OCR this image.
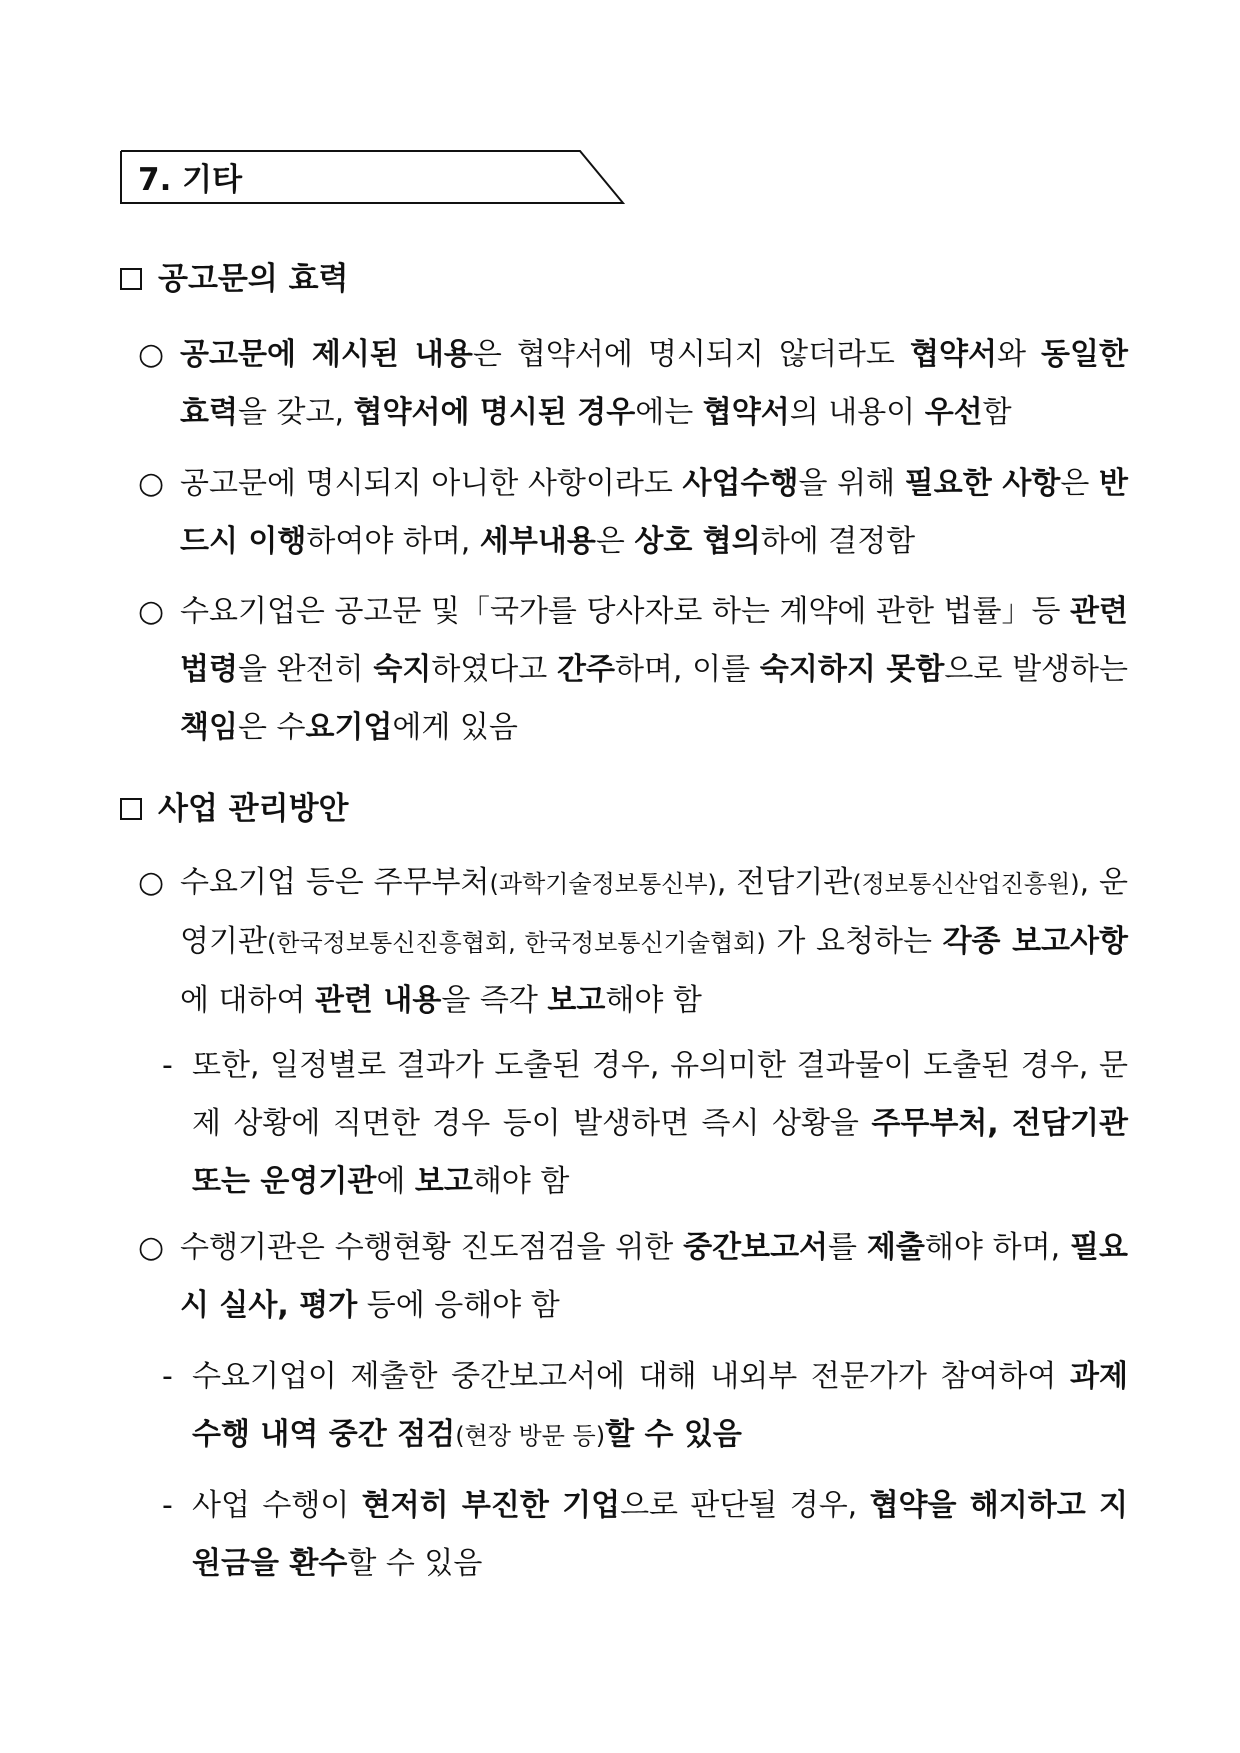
7. 기타
공고문의 효력
○ 공고문에 제시된 내용은 협약서에 명시되지 않더라도 협약서와 동일한 효력을 갖고, 협약서에 명시된 경우에는 협약서의 내용이 우선함
○ 공고문에 명시되지 아니한 사항이라도 사업수행을 위해 필요한 사항은 반드시 이행하여야 하며, 세부내용은 상호 협의하에 결정함
○ 수요기업은 공고문 및「국가를 당사자로 하는 계약에 관한 법률」등 관련 법령을 완전히 숙지하였다고 간주하며, 이를 숙지하지 못함으로 발생하는 책임은 수요기업에게 있음
사업 관리방안
○ 수요기업 등은 주무부처(과학기술정보통신부), 전담기관(정보통신산업진흥원), 운영기관(한국정보통신진흥협회, 한국정보통신기술협회) 가 요청하는 각종 보고사항에 대하여 관련 내용을 즉각 보고해야 함
- 또한, 일정별로 결과가 도출된 경우, 유의미한 결과물이 도출된 경우, 문제 상황에 직면한 경우 등이 발생하면 즉시 상황을 주무부처, 전담기관 또는 운영기관에 보고해야 함
○ 수행기관은 수행현황 진도점검을 위한 중간보고서를 제출해야 하며, 필요시 실사, 평가 등에 응해야 함
- 수요기업이 제출한 중간보고서에 대해 내외부 전문가가 참여하여 과제 수행 내역 중간 점검(현장 방문 등)할 수 있음
- 사업 수행이 현저히 부진한 기업으로 판단될 경우, 협약을 해지하고 지원금을 환수할 수 있음
